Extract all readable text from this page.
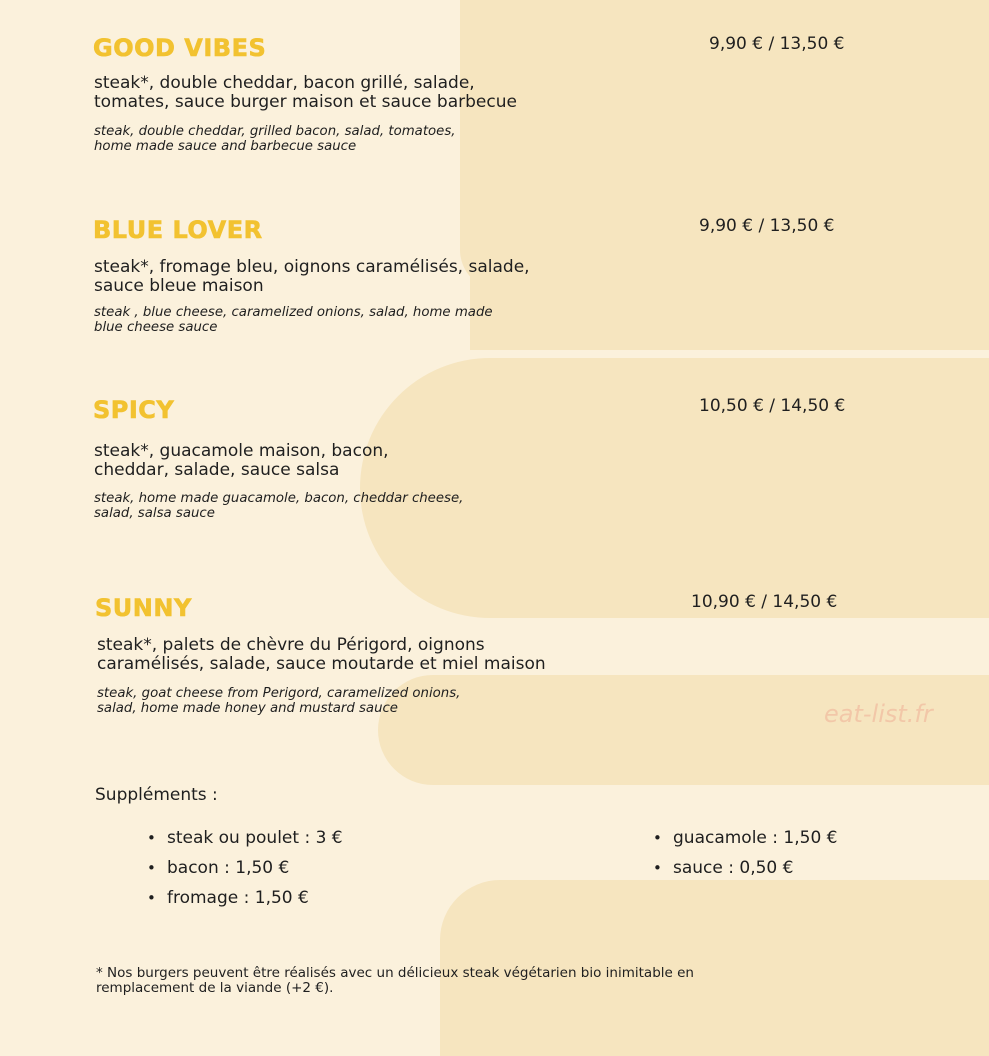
GOOD VIBES	9,90 € / 13,50 €
steak*, double cheddar, bacon grillé, salade,
tomates, sauce burger maison et sauce barbecue
steak, double cheddar, grilled bacon, salad, tomatoes,
home made sauce and barbecue sauce
BLUE LOVER	9,90 € / 13,50 €
steak*, fromage bleu, oignons caramélisés, salade,
sauce bleue maison
steak , blue cheese, caramelized onions, salad, home made
blue cheese sauce
SPICY	10,50 € / 14,50 €
steak*, guacamole maison, bacon,
cheddar, salade, sauce salsa
steak, home made guacamole, bacon, cheddar cheese,
salad, salsa sauce
SUNNY	10,90 € / 14,50 €
steak*, palets de chèvre du Périgord, oignons
caramélisés, salade, sauce moutarde et miel maison
steak, goat cheese from Perigord, caramelized onions,
salad, home made honey and mustard sauce	eat-list.fr
Suppléments :
• steak ou poulet : 3 €
• bacon : 1,50 €
• fromage : 1,50 €
• guacamole : 1,50 €
• sauce : 0,50 €
* Nos burgers peuvent être réalisés avec un délicieux steak végétarien bio inimitable en
remplacement de la viande (+2 €).
